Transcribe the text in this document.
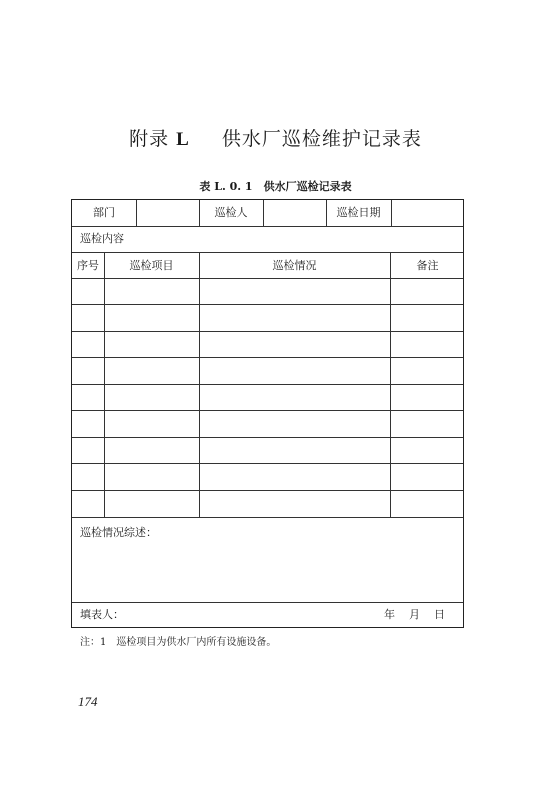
附录 L 供水厂巡检维护记录表
表 L. 0. 1　供水厂巡检记录表
部门	巡检人	巡检日期
巡检内容
序号	巡检项目	巡检情况	备注
巡检情况综述：
填表人：	年 月 日
注：1 巡检项目为供水厂内所有设施设备。
174
